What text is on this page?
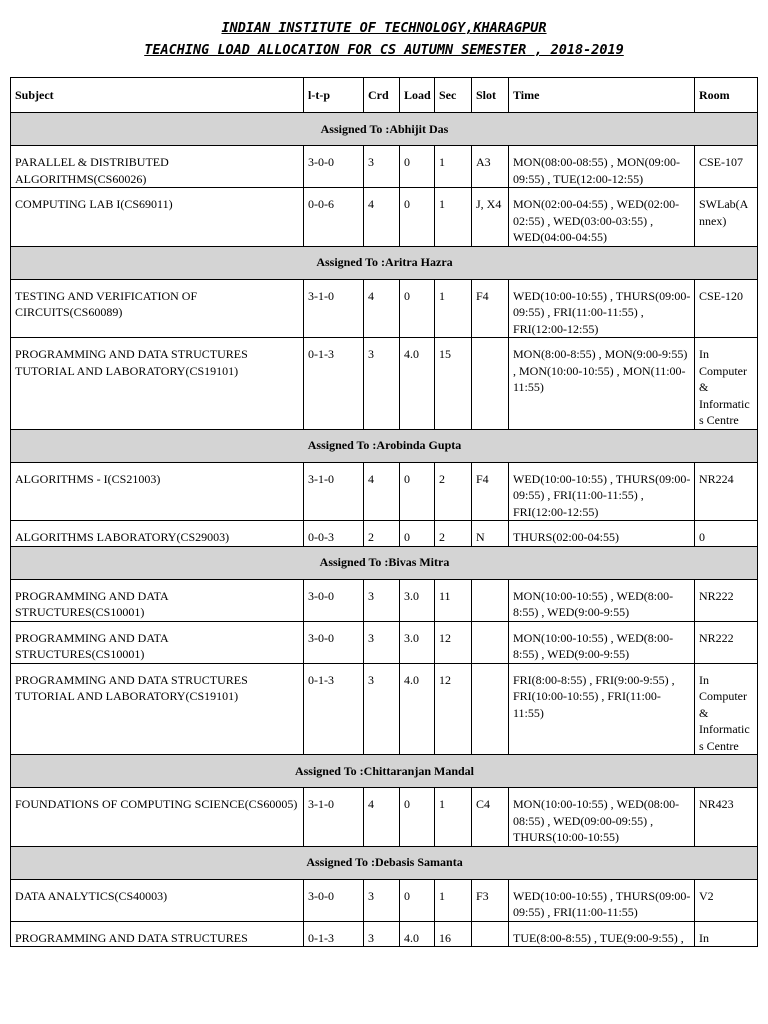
INDIAN INSTITUTE OF TECHNOLOGY,KHARAGPUR
TEACHING LOAD ALLOCATION FOR CS AUTUMN SEMESTER , 2018-2019
Subject	l-t-p	Crd	Load	Sec	Slot	Time	Room
Assigned To :Abhijit Das							
PARALLEL & DISTRIBUTED ALGORITHMS(CS60026)	3-0-0	3	0	1	A3	MON(08:00-08:55) , MON(09:00-09:55) , TUE(12:00-12:55)	CSE-107
COMPUTING LAB I(CS69011)	0-0-6	4	0	1	J, X4	MON(02:00-04:55) , WED(02:00-02:55) , WED(03:00-03:55) , WED(04:00-04:55)	SWLab(Annex)
Assigned To :Aritra Hazra							
TESTING AND VERIFICATION OF CIRCUITS(CS60089)	3-1-0	4	0	1	F4	WED(10:00-10:55) , THURS(09:00-09:55) , FRI(11:00-11:55) , FRI(12:00-12:55)	CSE-120
PROGRAMMING AND DATA STRUCTURES TUTORIAL AND LABORATORY(CS19101)	0-1-3	3	4.0	15		MON(8:00-8:55) , MON(9:00-9:55) , MON(10:00-10:55) , MON(11:00-11:55)	In Computer & Informatics Centre
Assigned To :Arobinda Gupta							
ALGORITHMS - I(CS21003)	3-1-0	4	0	2	F4	WED(10:00-10:55) , THURS(09:00-09:55) , FRI(11:00-11:55) , FRI(12:00-12:55)	NR224
ALGORITHMS LABORATORY(CS29003)	0-0-3	2	0	2	N	THURS(02:00-04:55)	0
Assigned To :Bivas Mitra							
PROGRAMMING AND DATA STRUCTURES(CS10001)	3-0-0	3	3.0	11		MON(10:00-10:55) , WED(8:00-8:55) , WED(9:00-9:55)	NR222
PROGRAMMING AND DATA STRUCTURES(CS10001)	3-0-0	3	3.0	12		MON(10:00-10:55) , WED(8:00-8:55) , WED(9:00-9:55)	NR222
PROGRAMMING AND DATA STRUCTURES TUTORIAL AND LABORATORY(CS19101)	0-1-3	3	4.0	12		FRI(8:00-8:55) , FRI(9:00-9:55) , FRI(10:00-10:55) , FRI(11:00-11:55)	In Computer & Informatics Centre
Assigned To :Chittaranjan Mandal							
FOUNDATIONS OF COMPUTING SCIENCE(CS60005)	3-1-0	4	0	1	C4	MON(10:00-10:55) , WED(08:00-08:55) , WED(09:00-09:55) , THURS(10:00-10:55)	NR423
Assigned To :Debasis Samanta							
DATA ANALYTICS(CS40003)	3-0-0	3	0	1	F3	WED(10:00-10:55) , THURS(09:00-09:55) , FRI(11:00-11:55)	V2
PROGRAMMING AND DATA STRUCTURES	0-1-3	3	4.0	16		TUE(8:00-8:55) , TUE(9:00-9:55) ,	In
